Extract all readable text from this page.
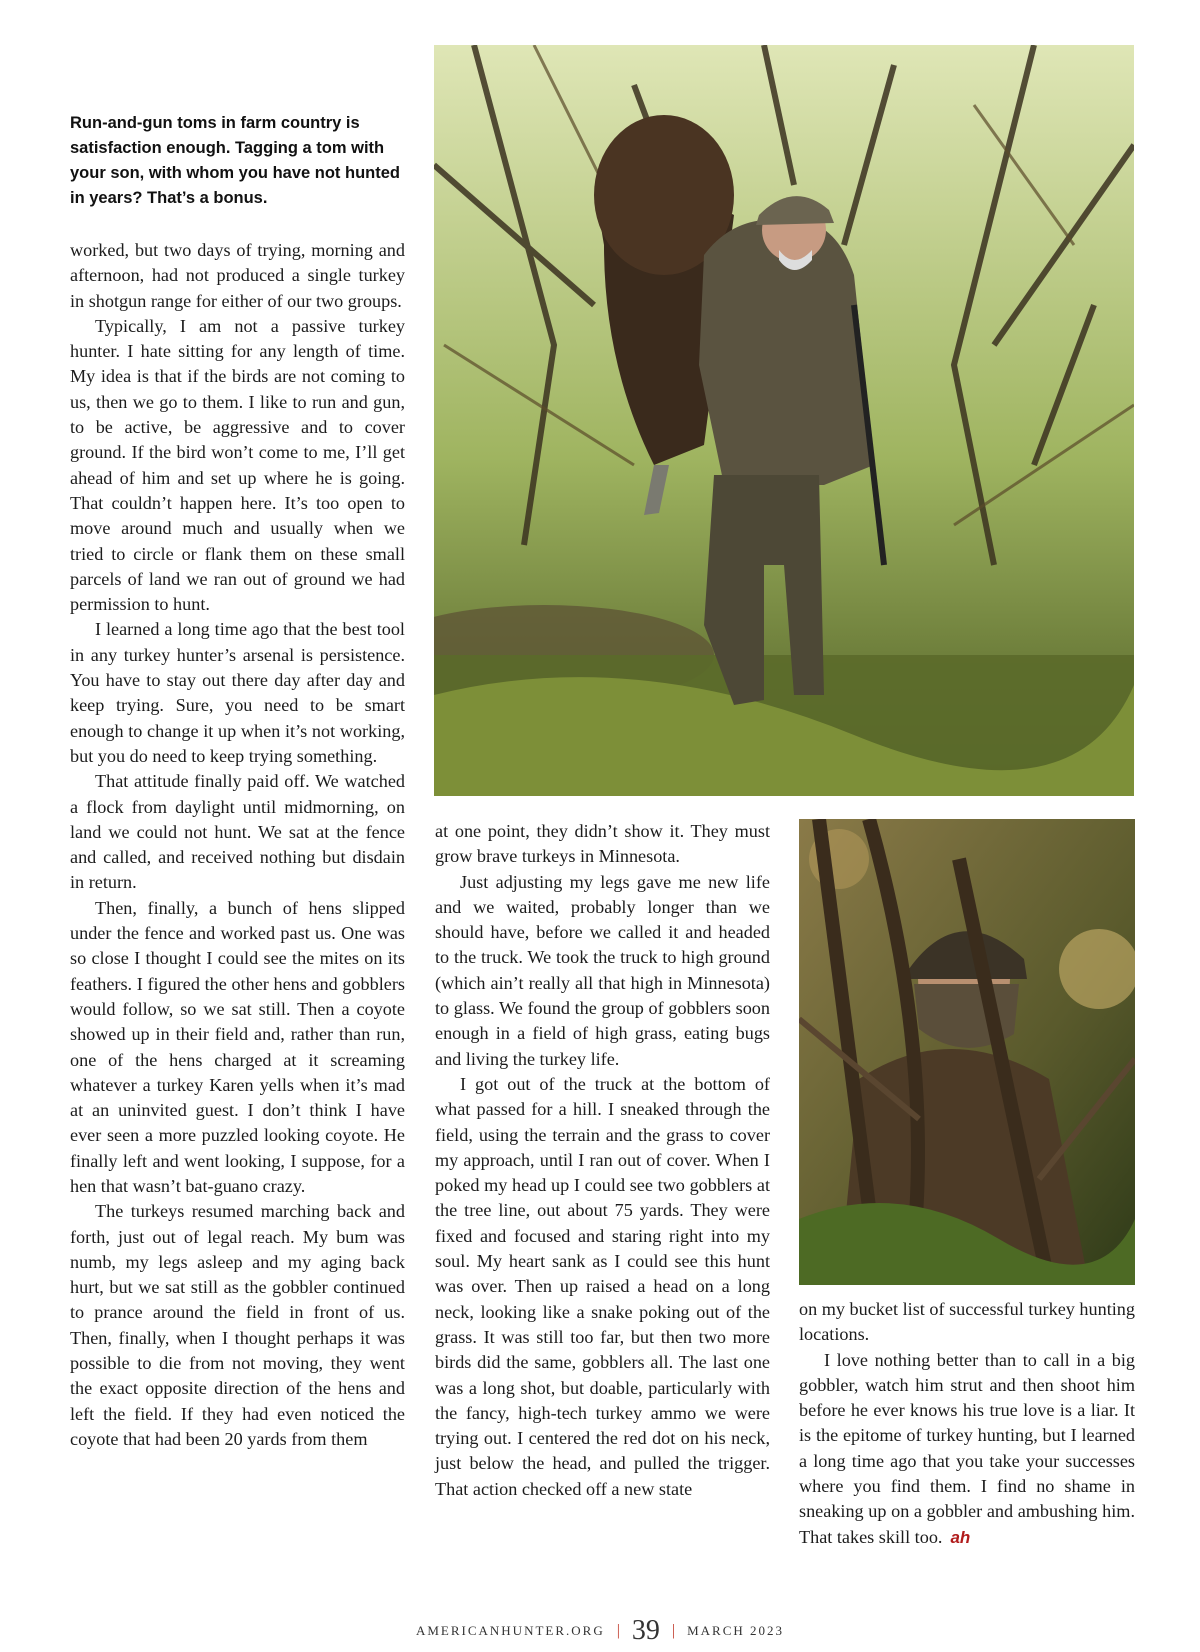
Run-and-gun toms in farm country is satisfaction enough. Tagging a tom with your son, with whom you have not hunted in years? That’s a bonus.

worked, but two days of trying, morning and afternoon, had not produced a single turkey in shotgun range for either of our two groups.

Typically, I am not a passive turkey hunter. I hate sitting for any length of time. My idea is that if the birds are not coming to us, then we go to them. I like to run and gun, to be active, be aggressive and to cover ground. If the bird won’t come to me, I’ll get ahead of him and set up where he is going. That couldn’t happen here. It’s too open to move around much and usually when we tried to circle or flank them on these small parcels of land we ran out of ground we had permission to hunt.

I learned a long time ago that the best tool in any turkey hunter’s arsenal is persistence. You have to stay out there day after day and keep trying. Sure, you need to be smart enough to change it up when it’s not working, but you do need to keep trying something.

That attitude finally paid off. We watched a flock from daylight until midmorning, on land we could not hunt. We sat at the fence and called, and received nothing but disdain in return.

Then, finally, a bunch of hens slipped under the fence and worked past us. One was so close I thought I could see the mites on its feathers. I figured the other hens and gobblers would follow, so we sat still. Then a coyote showed up in their field and, rather than run, one of the hens charged at it screaming whatever a turkey Karen yells when it’s mad at an uninvited guest. I don’t think I have ever seen a more puzzled looking coyote. He finally left and went looking, I suppose, for a hen that wasn’t bat-guano crazy.

The turkeys resumed marching back and forth, just out of legal reach. My bum was numb, my legs asleep and my aging back hurt, but we sat still as the gobbler continued to prance around the field in front of us. Then, finally, when I thought perhaps it was possible to die from not moving, they went the exact opposite direction of the hens and left the field. If they had even noticed the coyote that had been 20 yards from them

at one point, they didn’t show it. They must grow brave turkeys in Minnesota.

Just adjusting my legs gave me new life and we waited, probably longer than we should have, before we called it and headed to the truck. We took the truck to high ground (which ain’t really all that high in Minnesota) to glass. We found the group of gobblers soon enough in a field of high grass, eating bugs and living the turkey life.

I got out of the truck at the bottom of what passed for a hill. I sneaked through the field, using the terrain and the grass to cover my approach, until I ran out of cover. When I poked my head up I could see two gobblers at the tree line, out about 75 yards. They were fixed and focused and staring right into my soul. My heart sank as I could see this hunt was over. Then up raised a head on a long neck, looking like a snake poking out of the grass. It was still too far, but then two more birds did the same, gobblers all. The last one was a long shot, but doable, particularly with the fancy, high-tech turkey ammo we were trying out. I centered the red dot on his neck, just below the head, and pulled the trigger. That action checked off a new state

on my bucket list of successful turkey hunting locations.

I love nothing better than to call in a big gobbler, watch him strut and then shoot him before he ever knows his true love is a liar. It is the epitome of turkey hunting, but I learned a long time ago that you take your successes where you find them. I find no shame in sneaking up on a gobbler and ambushing him. That takes skill too. ah

AMERICANHUNTER.ORG | 39 | MARCH 2023
